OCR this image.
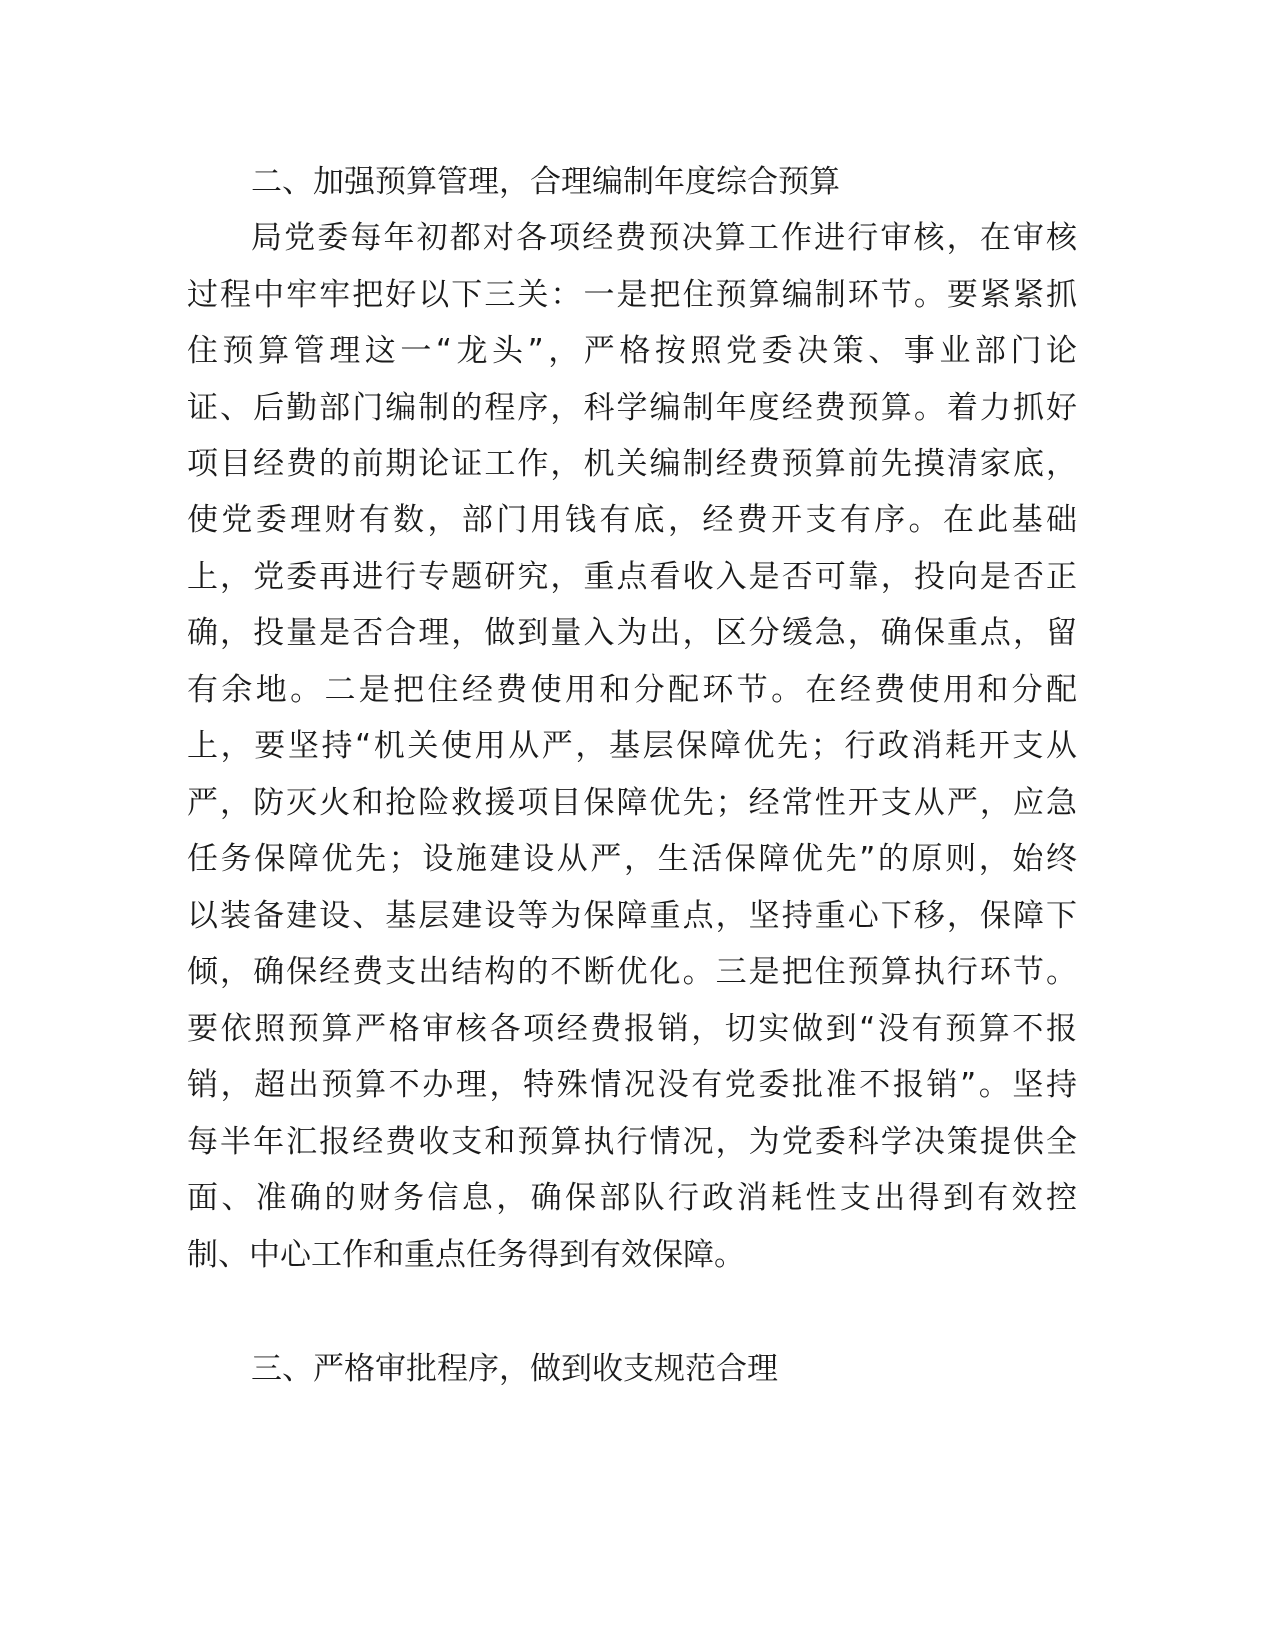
二、加强预算管理，合理编制年度综合预算

局党委每年初都对各项经费预决算工作进行审核，在审核

过程中牢牢把好以下三关：一是把住预算编制环节。要紧紧抓

住预算管理这一“龙头”，严格按照党委决策、事业部门论

证、后勤部门编制的程序，科学编制年度经费预算。着力抓好

项目经费的前期论证工作，机关编制经费预算前先摸清家底，

使党委理财有数，部门用钱有底，经费开支有序。在此基础

上，党委再进行专题研究，重点看收入是否可靠，投向是否正

确，投量是否合理，做到量入为出，区分缓急，确保重点，留

有余地。二是把住经费使用和分配环节。在经费使用和分配

上，要坚持“机关使用从严，基层保障优先；行政消耗开支从

严，防灭火和抢险救援项目保障优先；经常性开支从严，应急

任务保障优先；设施建设从严，生活保障优先”的原则，始终

以装备建设、基层建设等为保障重点，坚持重心下移，保障下

倾，确保经费支出结构的不断优化。三是把住预算执行环节。

要依照预算严格审核各项经费报销，切实做到“没有预算不报

销，超出预算不办理，特殊情况没有党委批准不报销”。坚持

每半年汇报经费收支和预算执行情况，为党委科学决策提供全

面、准确的财务信息，确保部队行政消耗性支出得到有效控

制、中心工作和重点任务得到有效保障。

三、严格审批程序，做到收支规范合理
